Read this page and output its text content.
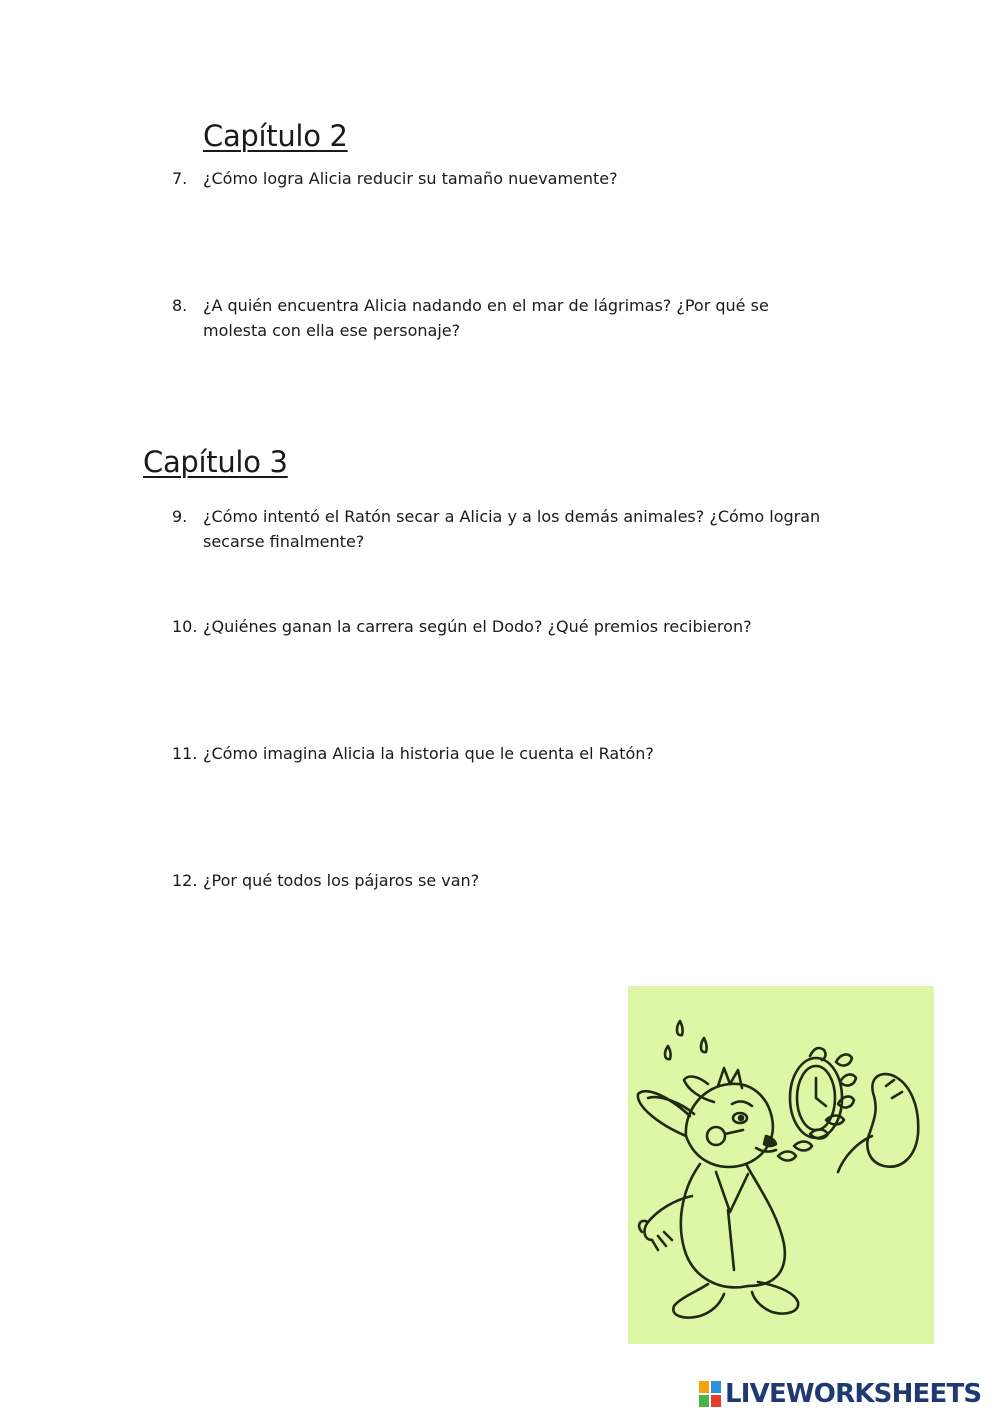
Capítulo 2
7. ¿Cómo logra Alicia reducir su tamaño nuevamente?
8. ¿A quién encuentra Alicia nadando en el mar de lágrimas? ¿Por qué se molesta con ella ese personaje?
Capítulo 3
9. ¿Cómo intentó el Ratón secar a Alicia y a los demás animales? ¿Cómo logran secarse finalmente?
10. ¿Quiénes ganan la carrera según el Dodo? ¿Qué premios recibieron?
11. ¿Cómo imagina Alicia la historia que le cuenta el Ratón?
12. ¿Por qué todos los pájaros se van?
LIVEWORKSHEETS
